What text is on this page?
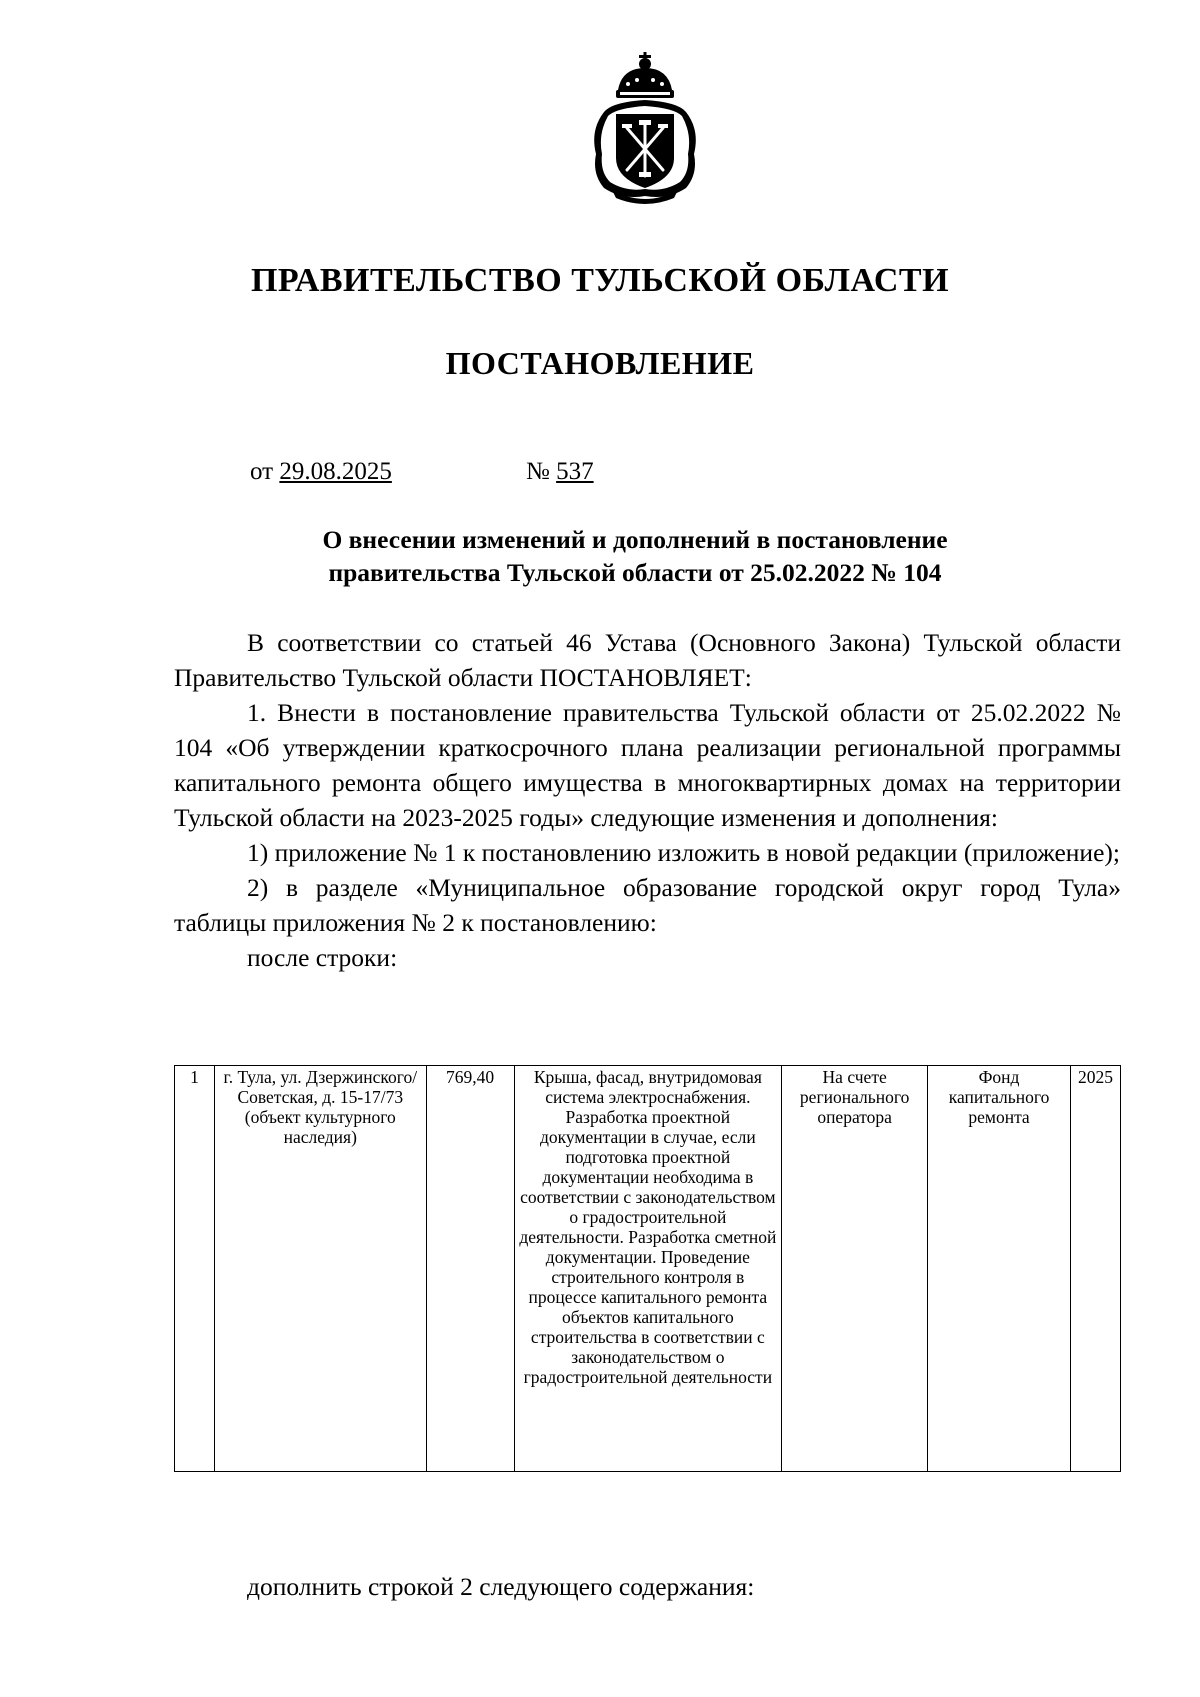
ПРАВИТЕЛЬСТВО ТУЛЬСКОЙ ОБЛАСТИ
ПОСТАНОВЛЕНИЕ
от 29.08.2025	№ 537
О внесении изменений и дополнений в постановление
правительства Тульской области от 25.02.2022 № 104

В соответствии со статьей 46 Устава (Основного Закона) Тульской области Правительство Тульской области ПОСТАНОВЛЯЕТ:

1. Внести в постановление правительства Тульской области от 25.02.2022 № 104 «Об утверждении краткосрочного плана реализации региональной программы капитального ремонта общего имущества в многоквартирных домах на территории Тульской области на 2023-2025 годы» следующие изменения и дополнения:

1) приложение № 1 к постановлению изложить в новой редакции (приложение);

2) в разделе «Муниципальное образование городской округ город Тула» таблицы приложения № 2 к постановлению:

после строки:

1	г. Тула, ул. Дзержинского/ Советская, д. 15-17/73 (объект культурного наследия)	769,40	Крыша, фасад, внутридомовая система электроснабжения. Разработка проектной документации в случае, если подготовка проектной документации необходима в соответствии с законодательством о градостроительной деятельности. Разработка сметной документации. Проведение строительного контроля в процессе капитального ремонта объектов капитального строительства в соответствии с законодательством о градостроительной деятельности	На счете регионального оператора	Фонд капитального ремонта	2025
дополнить строкой 2 следующего содержания:
